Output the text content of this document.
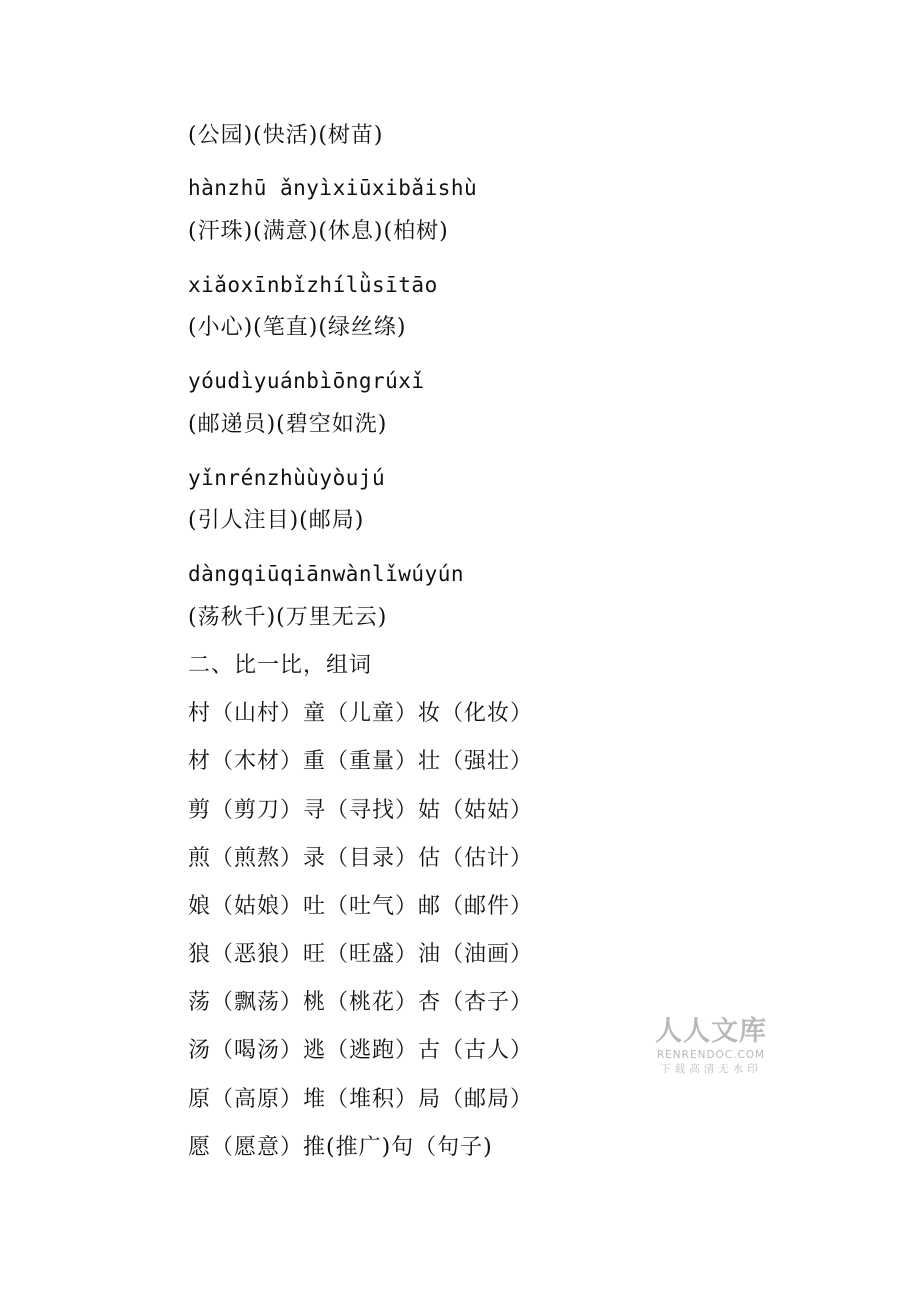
(公园)(快活)(树苗)
hànzhū ǎnyìxiūxibǎishù
(汗珠)(满意)(休息)(柏树)
xiǎoxīnbǐzhílǜsītāo
(小心)(笔直)(绿丝绦)
yóudìyuánbìōngrúxǐ
(邮递员)(碧空如洗)
yǐnrénzhùùyòujú
(引人注目)(邮局)
dàngqiūqiānwànlǐwúyún
(荡秋千)(万里无云)
二、比一比，组词
村（山村）童（儿童）妆（化妆）
材（木材）重（重量）壮（强壮）
剪（剪刀）寻（寻找）姑（姑姑）
煎（煎熬）录（目录）估（估计）
娘（姑娘）吐（吐气）邮（邮件）
狼（恶狼）旺（旺盛）油（油画）
荡（飘荡）桃（桃花）杏（杏子）
汤（喝汤）逃（逃跑）古（古人）
原（高原）堆（堆积）局（邮局）
愿（愿意）推(推广)句（句子)
人人文库
RENRENDOC.COM
下载高清无水印
